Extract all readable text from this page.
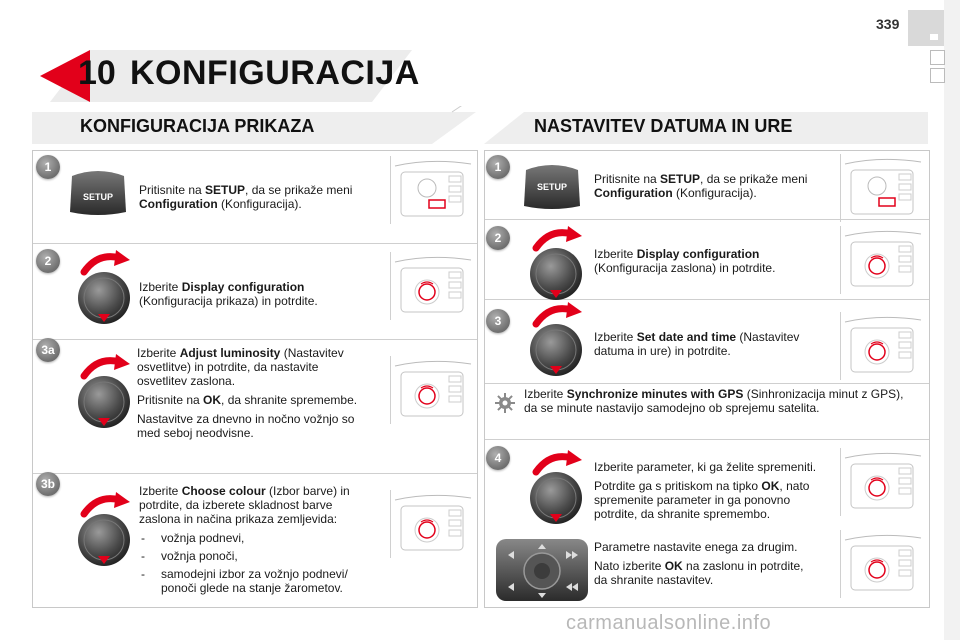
339
10 KONFIGURACIJA
KONFIGURACIJA PRIKAZA	NASTAVITEV DATUMA IN URE
1
SETUP Pritisnite na SETUP, da se prikaže meni Configuration (Konfiguracija).
2
Izberite Display configuration
(Konfiguracija prikaza) in potrdite.
3a	Izberite Adjust luminosity (Nastavitev osvetlitve) in potrdite, da nastavite osvetlitev zaslona.

Pritisnite na OK, da shranite spremembe.

Nastavitve za dnevno in nočno vožnjo so med seboj neodvisne.

3b	Izberite Choose colour (Izbor barve) in potrdite, da izberete skladnost barve zaslona in načina prikaza zemljevida:

- vožnja podnevi,
- vožnja ponoči,
- samodejni izbor za vožnjo podnevi/ ponoči glede na stanje žarometov.
1
SETUP
Pritisnite na SETUP, da se prikaže meni Configuration (Konfiguracija).
2
Izberite Display configuration
(Konfiguracija zaslona) in potrdite.
3
Izberite Set date and time (Nastavitev datuma in ure) in potrdite.
Izberite Synchronize minutes with GPS (Sinhronizacija minut z GPS), da se minute nastavijo samodejno ob sprejemu satelita.
4

Izberite parameter, ki ga želite spremeniti.

Potrdite ga s pritiskom na tipko OK, nato spremenite parameter in ga ponovno potrdite, da shranite spremembo.

Parametre nastavite enega za drugim.

Nato izberite OK na zaslonu in potrdite, da shranite nastavitev.

carmanualsonline.info
